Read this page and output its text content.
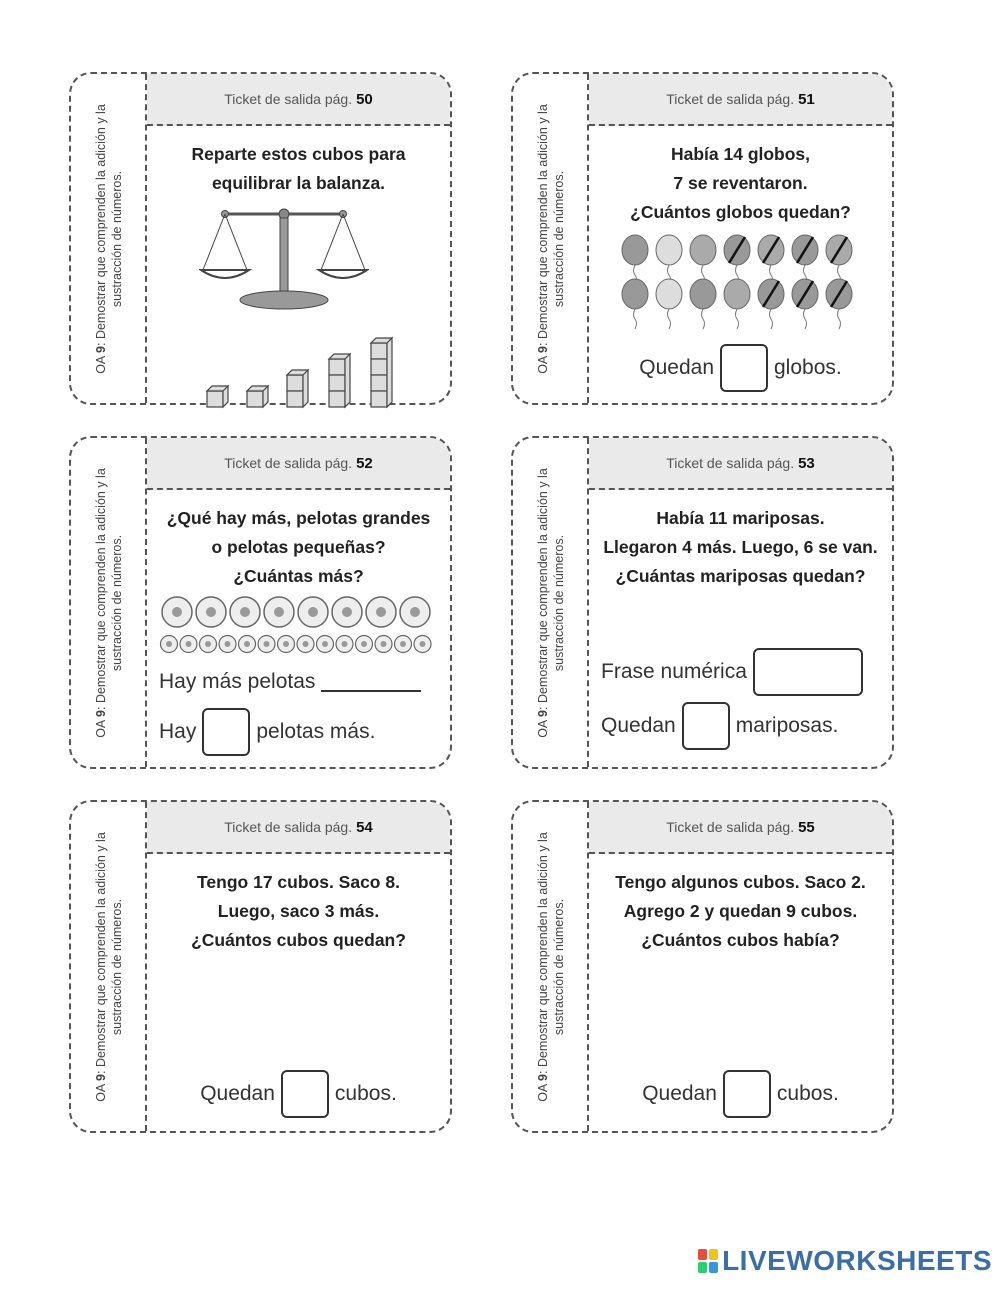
OA 9: Demostrar que comprenden la adición y la sustracción de números.
Ticket de salida pág. 50
Reparte estos cubos para
equilibrar la balanza.
OA 9: Demostrar que comprenden la adición y la sustracción de números.
Ticket de salida pág. 51
Había 14 globos,
7 se reventaron.
¿Cuántos globos quedan?
Quedan	globos.
OA 9: Demostrar que comprenden la adición y la sustracción de números.
Ticket de salida pág. 52
¿Qué hay más, pelotas grandes
o pelotas pequeñas?
¿Cuántas más?
Hay más pelotas
Hay	pelotas más.	OA 9: Demostrar que comprenden la adición y la sustracción de números.
Ticket de salida pág. 53
Había 11 mariposas.
Llegaron 4 más. Luego, 6 se van.
¿Cuántas mariposas quedan?
Frase numérica
Quedan	mariposas.
OA 9: Demostrar que comprenden la adición y la sustracción de números.
Ticket de salida pág. 54
Tengo 17 cubos. Saco 8.
Luego, saco 3 más.
¿Cuántos cubos quedan?
Quedan	cubos.	OA 9: Demostrar que comprenden la adición y la sustracción de números.
Ticket de salida pág. 55
Tengo algunos cubos. Saco 2.
Agrego 2 y quedan 9 cubos.
¿Cuántos cubos había?
Quedan	cubos.
LIVEWORKSHEETS
